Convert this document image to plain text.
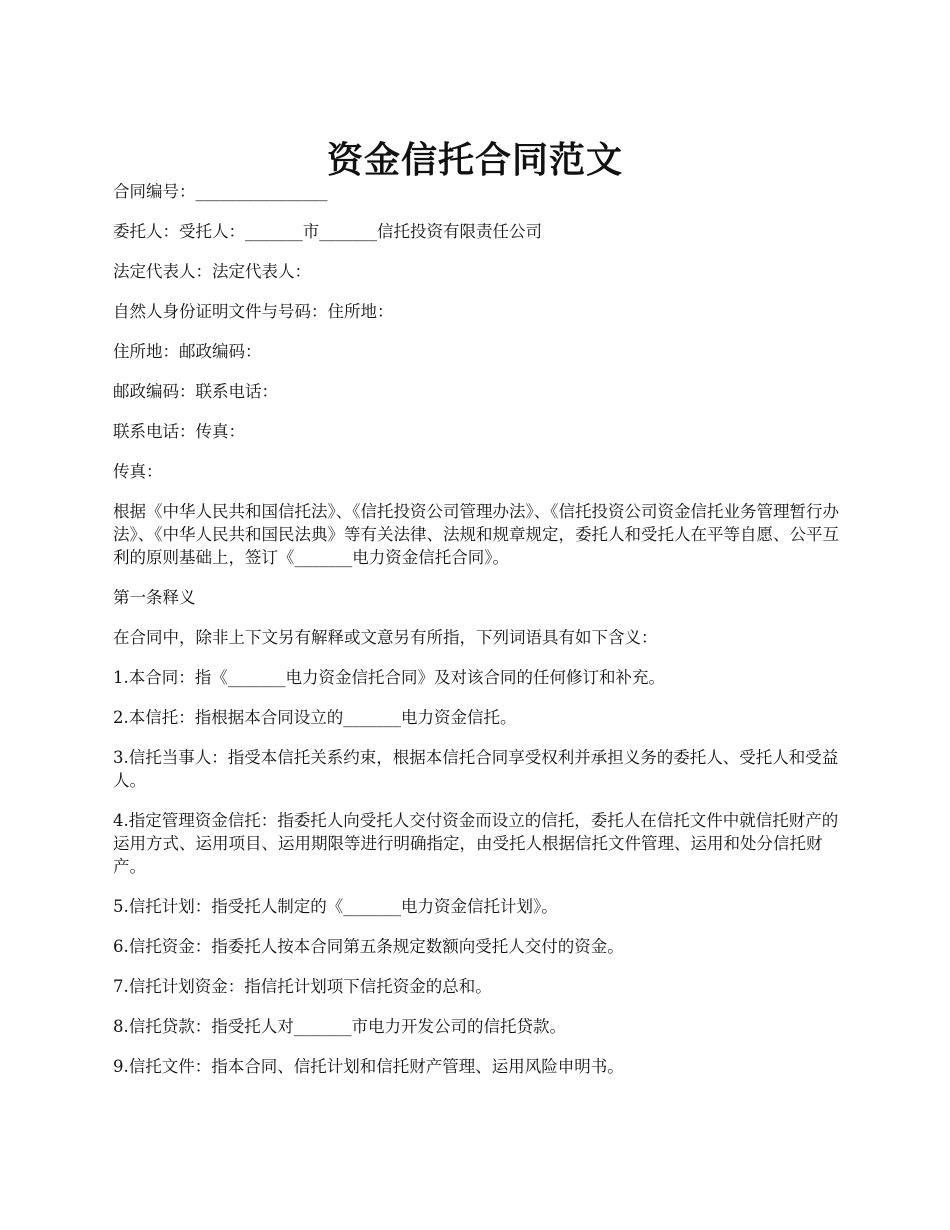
资金信托合同范文

合同编号：________________

委托人：受托人：_______市_______信托投资有限责任公司

法定代表人：法定代表人：

自然人身份证明文件与号码：住所地：

住所地：邮政编码：

邮政编码：联系电话：

联系电话：传真：

传真：

根据《中华人民共和国信托法》、《信托投资公司管理办法》、《信托投资公司资金信托业务管理暂行办法》、《中华人民共和国民法典》等有关法律、法规和规章规定，委托人和受托人在平等自愿、公平互利的原则基础上，签订《_______电力资金信托合同》。

第一条释义

在合同中，除非上下文另有解释或文意另有所指，下列词语具有如下含义：

1.本合同：指《_______电力资金信托合同》及对该合同的任何修订和补充。

2.本信托：指根据本合同设立的_______电力资金信托。

3.信托当事人：指受本信托关系约束，根据本信托合同享受权利并承担义务的委托人、受托人和受益人。

4.指定管理资金信托：指委托人向受托人交付资金而设立的信托，委托人在信托文件中就信托财产的运用方式、运用项目、运用期限等进行明确指定，由受托人根据信托文件管理、运用和处分信托财产。

5.信托计划：指受托人制定的《_______电力资金信托计划》。

6.信托资金：指委托人按本合同第五条规定数额向受托人交付的资金。

7.信托计划资金：指信托计划项下信托资金的总和。

8.信托贷款：指受托人对_______市电力开发公司的信托贷款。

9.信托文件：指本合同、信托计划和信托财产管理、运用风险申明书。
